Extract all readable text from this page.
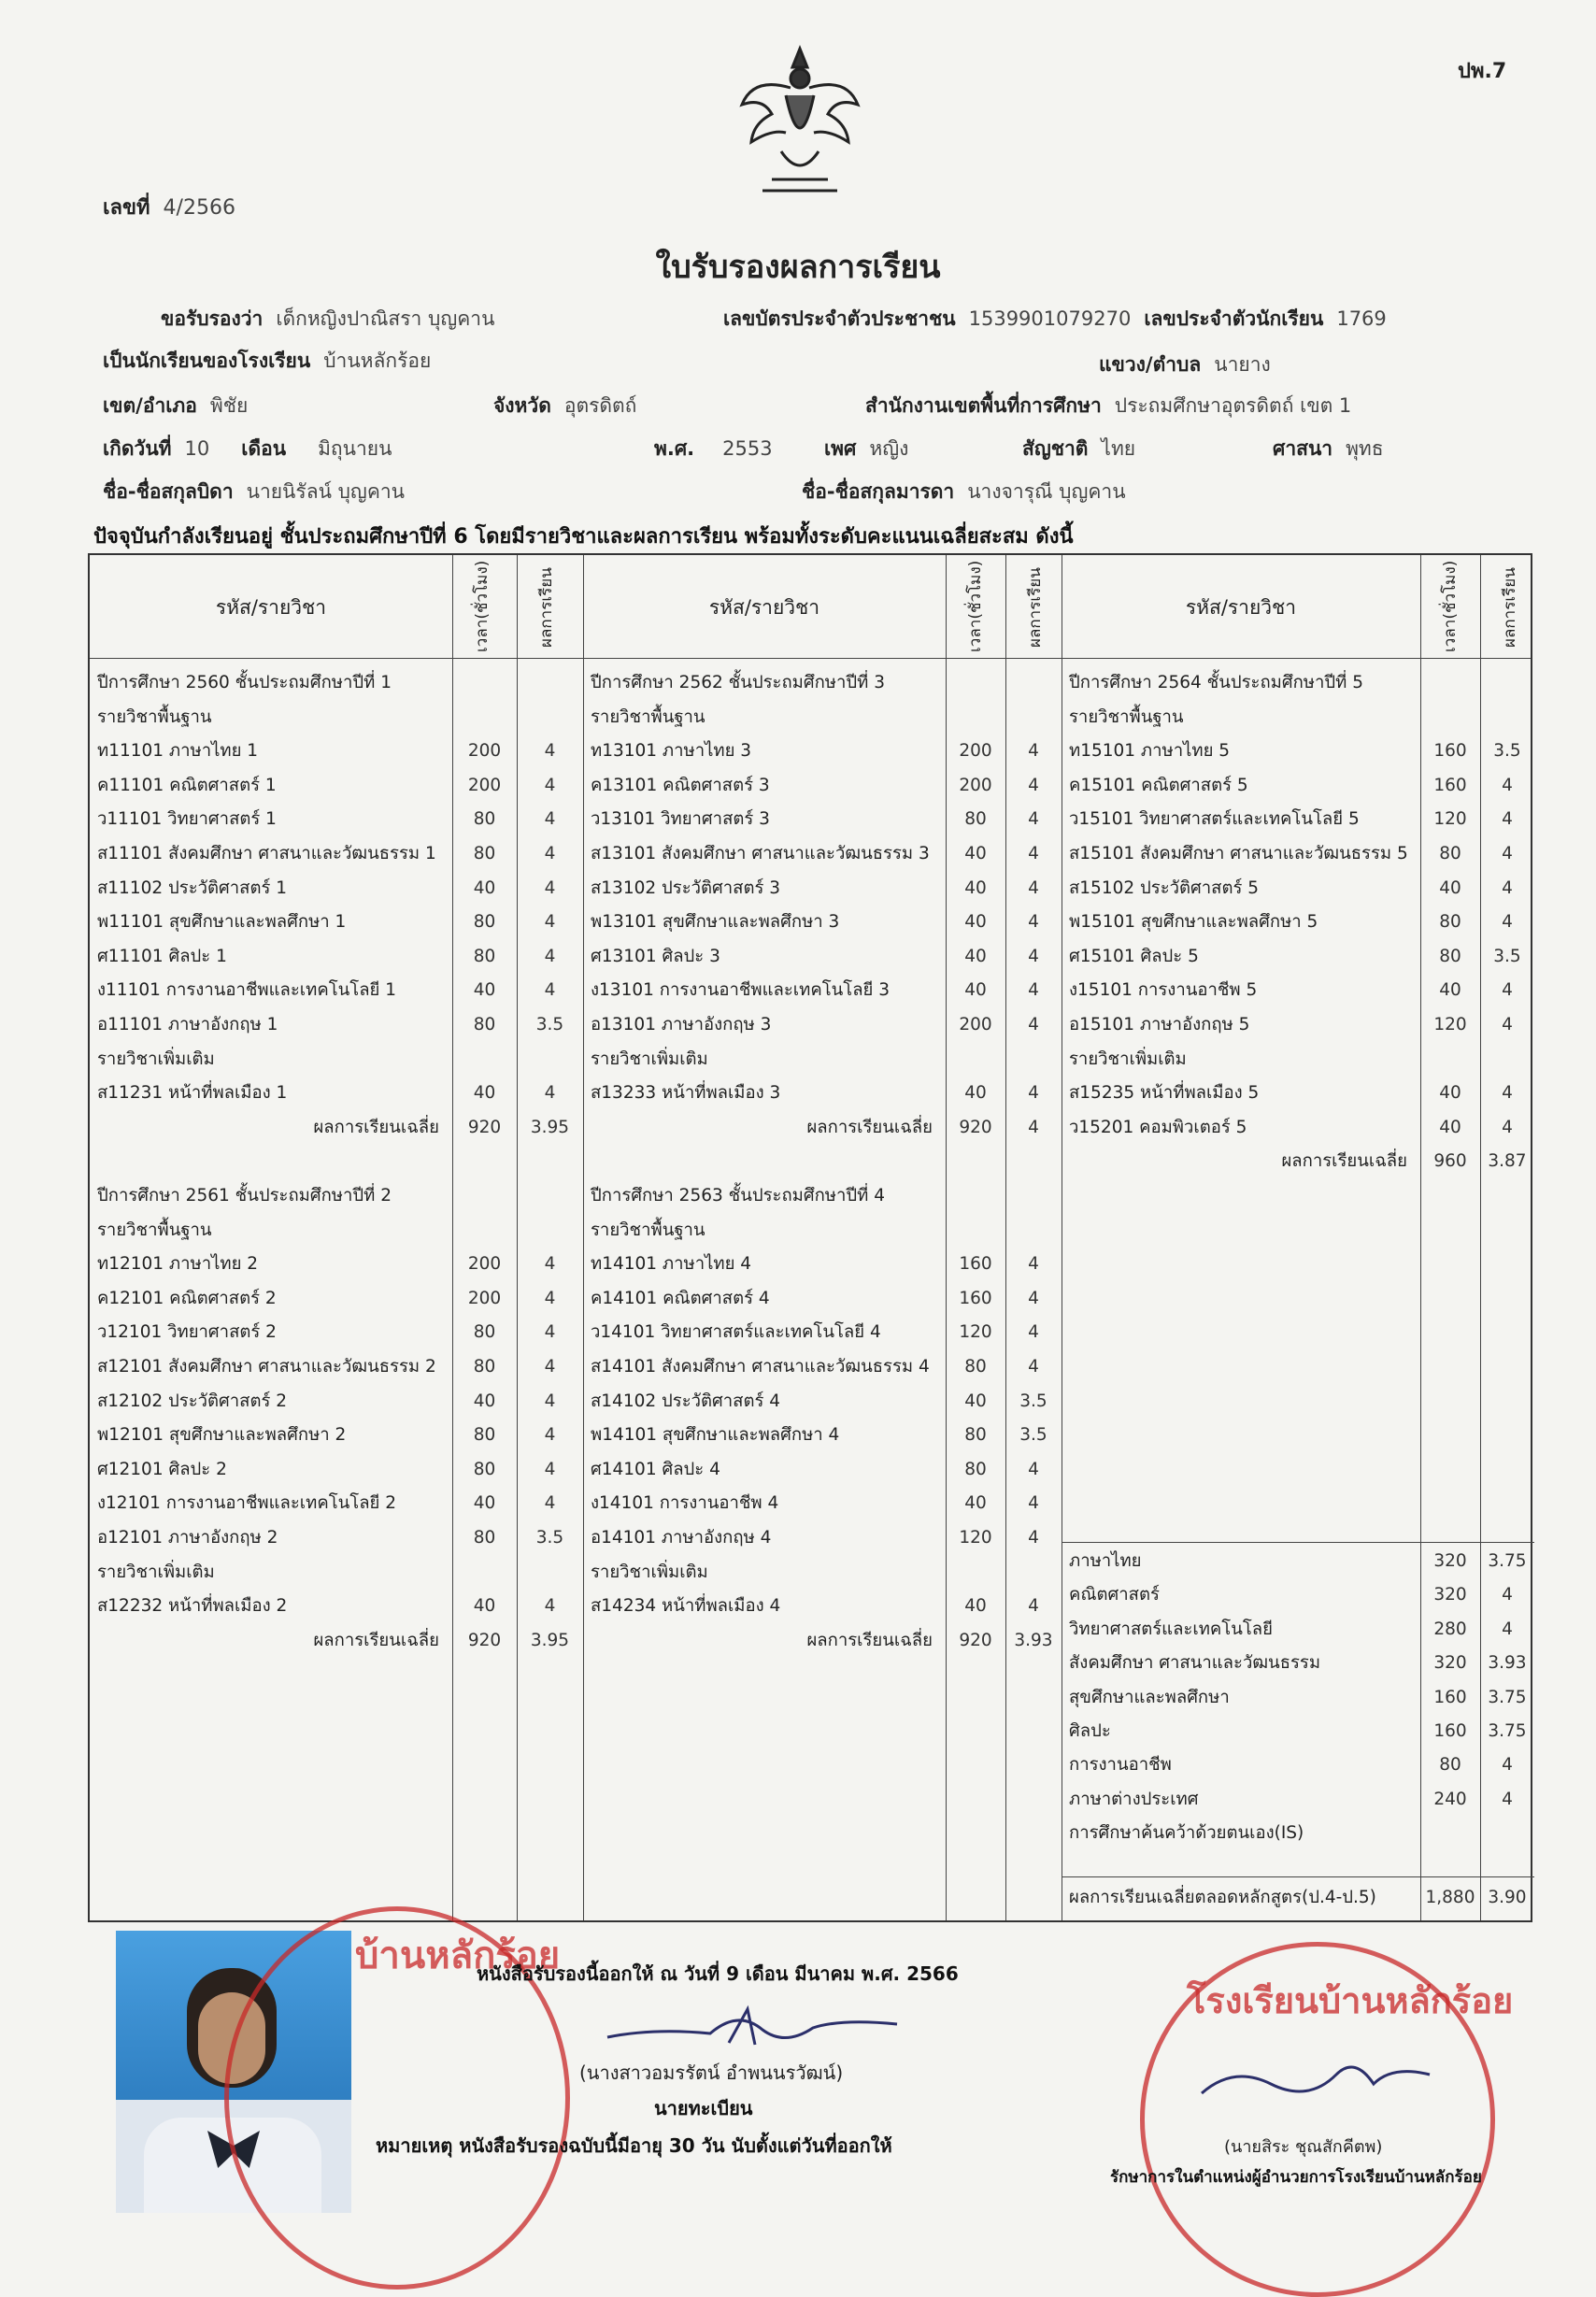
ปพ.7
เลขที่ 4/2566
ใบรับรองผลการเรียน
ขอรับรองว่า เด็กหญิงปาณิสรา บุญคาน	เลขบัตรประจำตัวประชาชน 1539901079270 เลขประจำตัวนักเรียน 1769
เป็นนักเรียนของโรงเรียน บ้านหลักร้อย	แขวง/ตำบล นายาง
เขต/อำเภอ พิชัย	จังหวัด อุตรดิตถ์	สำนักงานเขตพื้นที่การศึกษา ประถมศึกษาอุตรดิตถ์ เขต 1
เกิดวันที่ 10 เดือน มิถุนายน	พ.ศ. 2553	เพศ หญิง	สัญชาติ ไทย	ศาสนา พุทธ
ชื่อ-ชื่อสกุลบิดา นายนิรัลน์ บุญคาน	ชื่อ-ชื่อสกุลมารดา นางจารุณี บุญคาน
ปัจจุบันกำลังเรียนอยู่ ชั้นประถมศึกษาปีที่ 6 โดยมีรายวิชาและผลการเรียน พร้อมทั้งระดับคะแนนเฉลี่ยสะสม ดังนี้
รหัส/รายวิชา	เวลา(ชั่วโมง)	ผลการเรียน	รหัส/รายวิชา	เวลา(ชั่วโมง)	ผลการเรียน	รหัส/รายวิชา	เวลา(ชั่วโมง)	ผลการเรียน
ปีการศึกษา 2560 ชั้นประถมศึกษาปีที่ 1
รายวิชาพื้นฐาน
ท11101 ภาษาไทย 1	200	4
ค11101 คณิตศาสตร์ 1	200	4
ว11101 วิทยาศาสตร์ 1	80	4
ส11101 สังคมศึกษา ศาสนาและวัฒนธรรม 1	80	4
ส11102 ประวัติศาสตร์ 1	40	4
พ11101 สุขศึกษาและพลศึกษา 1	80	4
ศ11101 ศิลปะ 1	80	4
ง11101 การงานอาชีพและเทคโนโลยี 1	40	4
อ11101 ภาษาอังกฤษ 1	80	3.5
รายวิชาเพิ่มเติม
ส11231 หน้าที่พลเมือง 1	40	4
ผลการเรียนเฉลี่ย	920	3.95
ปีการศึกษา 2561 ชั้นประถมศึกษาปีที่ 2
รายวิชาพื้นฐาน
ท12101 ภาษาไทย 2	200	4
ค12101 คณิตศาสตร์ 2	200	4
ว12101 วิทยาศาสตร์ 2	80	4
ส12101 สังคมศึกษา ศาสนาและวัฒนธรรม 2	80	4
ส12102 ประวัติศาสตร์ 2	40	4
พ12101 สุขศึกษาและพลศึกษา 2	80	4
ศ12101 ศิลปะ 2	80	4
ง12101 การงานอาชีพและเทคโนโลยี 2	40	4
อ12101 ภาษาอังกฤษ 2	80	3.5
รายวิชาเพิ่มเติม
ส12232 หน้าที่พลเมือง 2	40	4
ผลการเรียนเฉลี่ย	920	3.95
ปีการศึกษา 2562 ชั้นประถมศึกษาปีที่ 3
รายวิชาพื้นฐาน
ท13101 ภาษาไทย 3	200	4
ค13101 คณิตศาสตร์ 3	200	4
ว13101 วิทยาศาสตร์ 3	80	4
ส13101 สังคมศึกษา ศาสนาและวัฒนธรรม 3	40	4
ส13102 ประวัติศาสตร์ 3	40	4
พ13101 สุขศึกษาและพลศึกษา 3	40	4
ศ13101 ศิลปะ 3	40	4
ง13101 การงานอาชีพและเทคโนโลยี 3	40	4
อ13101 ภาษาอังกฤษ 3	200	4
รายวิชาเพิ่มเติม
ส13233 หน้าที่พลเมือง 3	40	4
ผลการเรียนเฉลี่ย	920	4
ปีการศึกษา 2563 ชั้นประถมศึกษาปีที่ 4
รายวิชาพื้นฐาน
ท14101 ภาษาไทย 4	160	4
ค14101 คณิตศาสตร์ 4	160	4
ว14101 วิทยาศาสตร์และเทคโนโลยี 4	120	4
ส14101 สังคมศึกษา ศาสนาและวัฒนธรรม 4	80	4
ส14102 ประวัติศาสตร์ 4	40	3.5
พ14101 สุขศึกษาและพลศึกษา 4	80	3.5
ศ14101 ศิลปะ 4	80	4
ง14101 การงานอาชีพ 4	40	4
อ14101 ภาษาอังกฤษ 4	120	4
รายวิชาเพิ่มเติม
ส14234 หน้าที่พลเมือง 4	40	4
ผลการเรียนเฉลี่ย	920	3.93
ปีการศึกษา 2564 ชั้นประถมศึกษาปีที่ 5
รายวิชาพื้นฐาน
ท15101 ภาษาไทย 5	160	3.5
ค15101 คณิตศาสตร์ 5	160	4
ว15101 วิทยาศาสตร์และเทคโนโลยี 5	120	4
ส15101 สังคมศึกษา ศาสนาและวัฒนธรรม 5	80	4
ส15102 ประวัติศาสตร์ 5	40	4
พ15101 สุขศึกษาและพลศึกษา 5	80	4
ศ15101 ศิลปะ 5	80	3.5
ง15101 การงานอาชีพ 5	40	4
อ15101 ภาษาอังกฤษ 5	120	4
รายวิชาเพิ่มเติม
ส15235 หน้าที่พลเมือง 5	40	4
ว15201 คอมพิวเตอร์ 5	40	4
ผลการเรียนเฉลี่ย	960	3.87
ภาษาไทย	320	3.75
คณิตศาสตร์	320	4
วิทยาศาสตร์และเทคโนโลยี	280	4
สังคมศึกษา ศาสนาและวัฒนธรรม	320	3.93
สุขศึกษาและพลศึกษา	160	3.75
ศิลปะ	160	3.75
การงานอาชีพ	80	4
ภาษาต่างประเทศ	240	4
การศึกษาค้นคว้าด้วยตนเอง(IS)
ผลการเรียนเฉลี่ยตลอดหลักสูตร(ป.4-ป.5)	1,880 3.90
บ้านหลักร้อย
โรงเรียนบ้านหลักร้อย
หนังสือรับรองนี้ออกให้ ณ วันที่ 9 เดือน มีนาคม พ.ศ. 2566
(นางสาวอมรรัตน์ อำพนนรวัฒน์)
นายทะเบียน
หมายเหตุ หนังสือรับรองฉบับนี้มีอายุ 30 วัน นับตั้งแต่วันที่ออกให้	(นายสิระ ชุณสักคีตพ)
รักษาการในตำแหน่งผู้อำนวยการโรงเรียนบ้านหลักร้อย
